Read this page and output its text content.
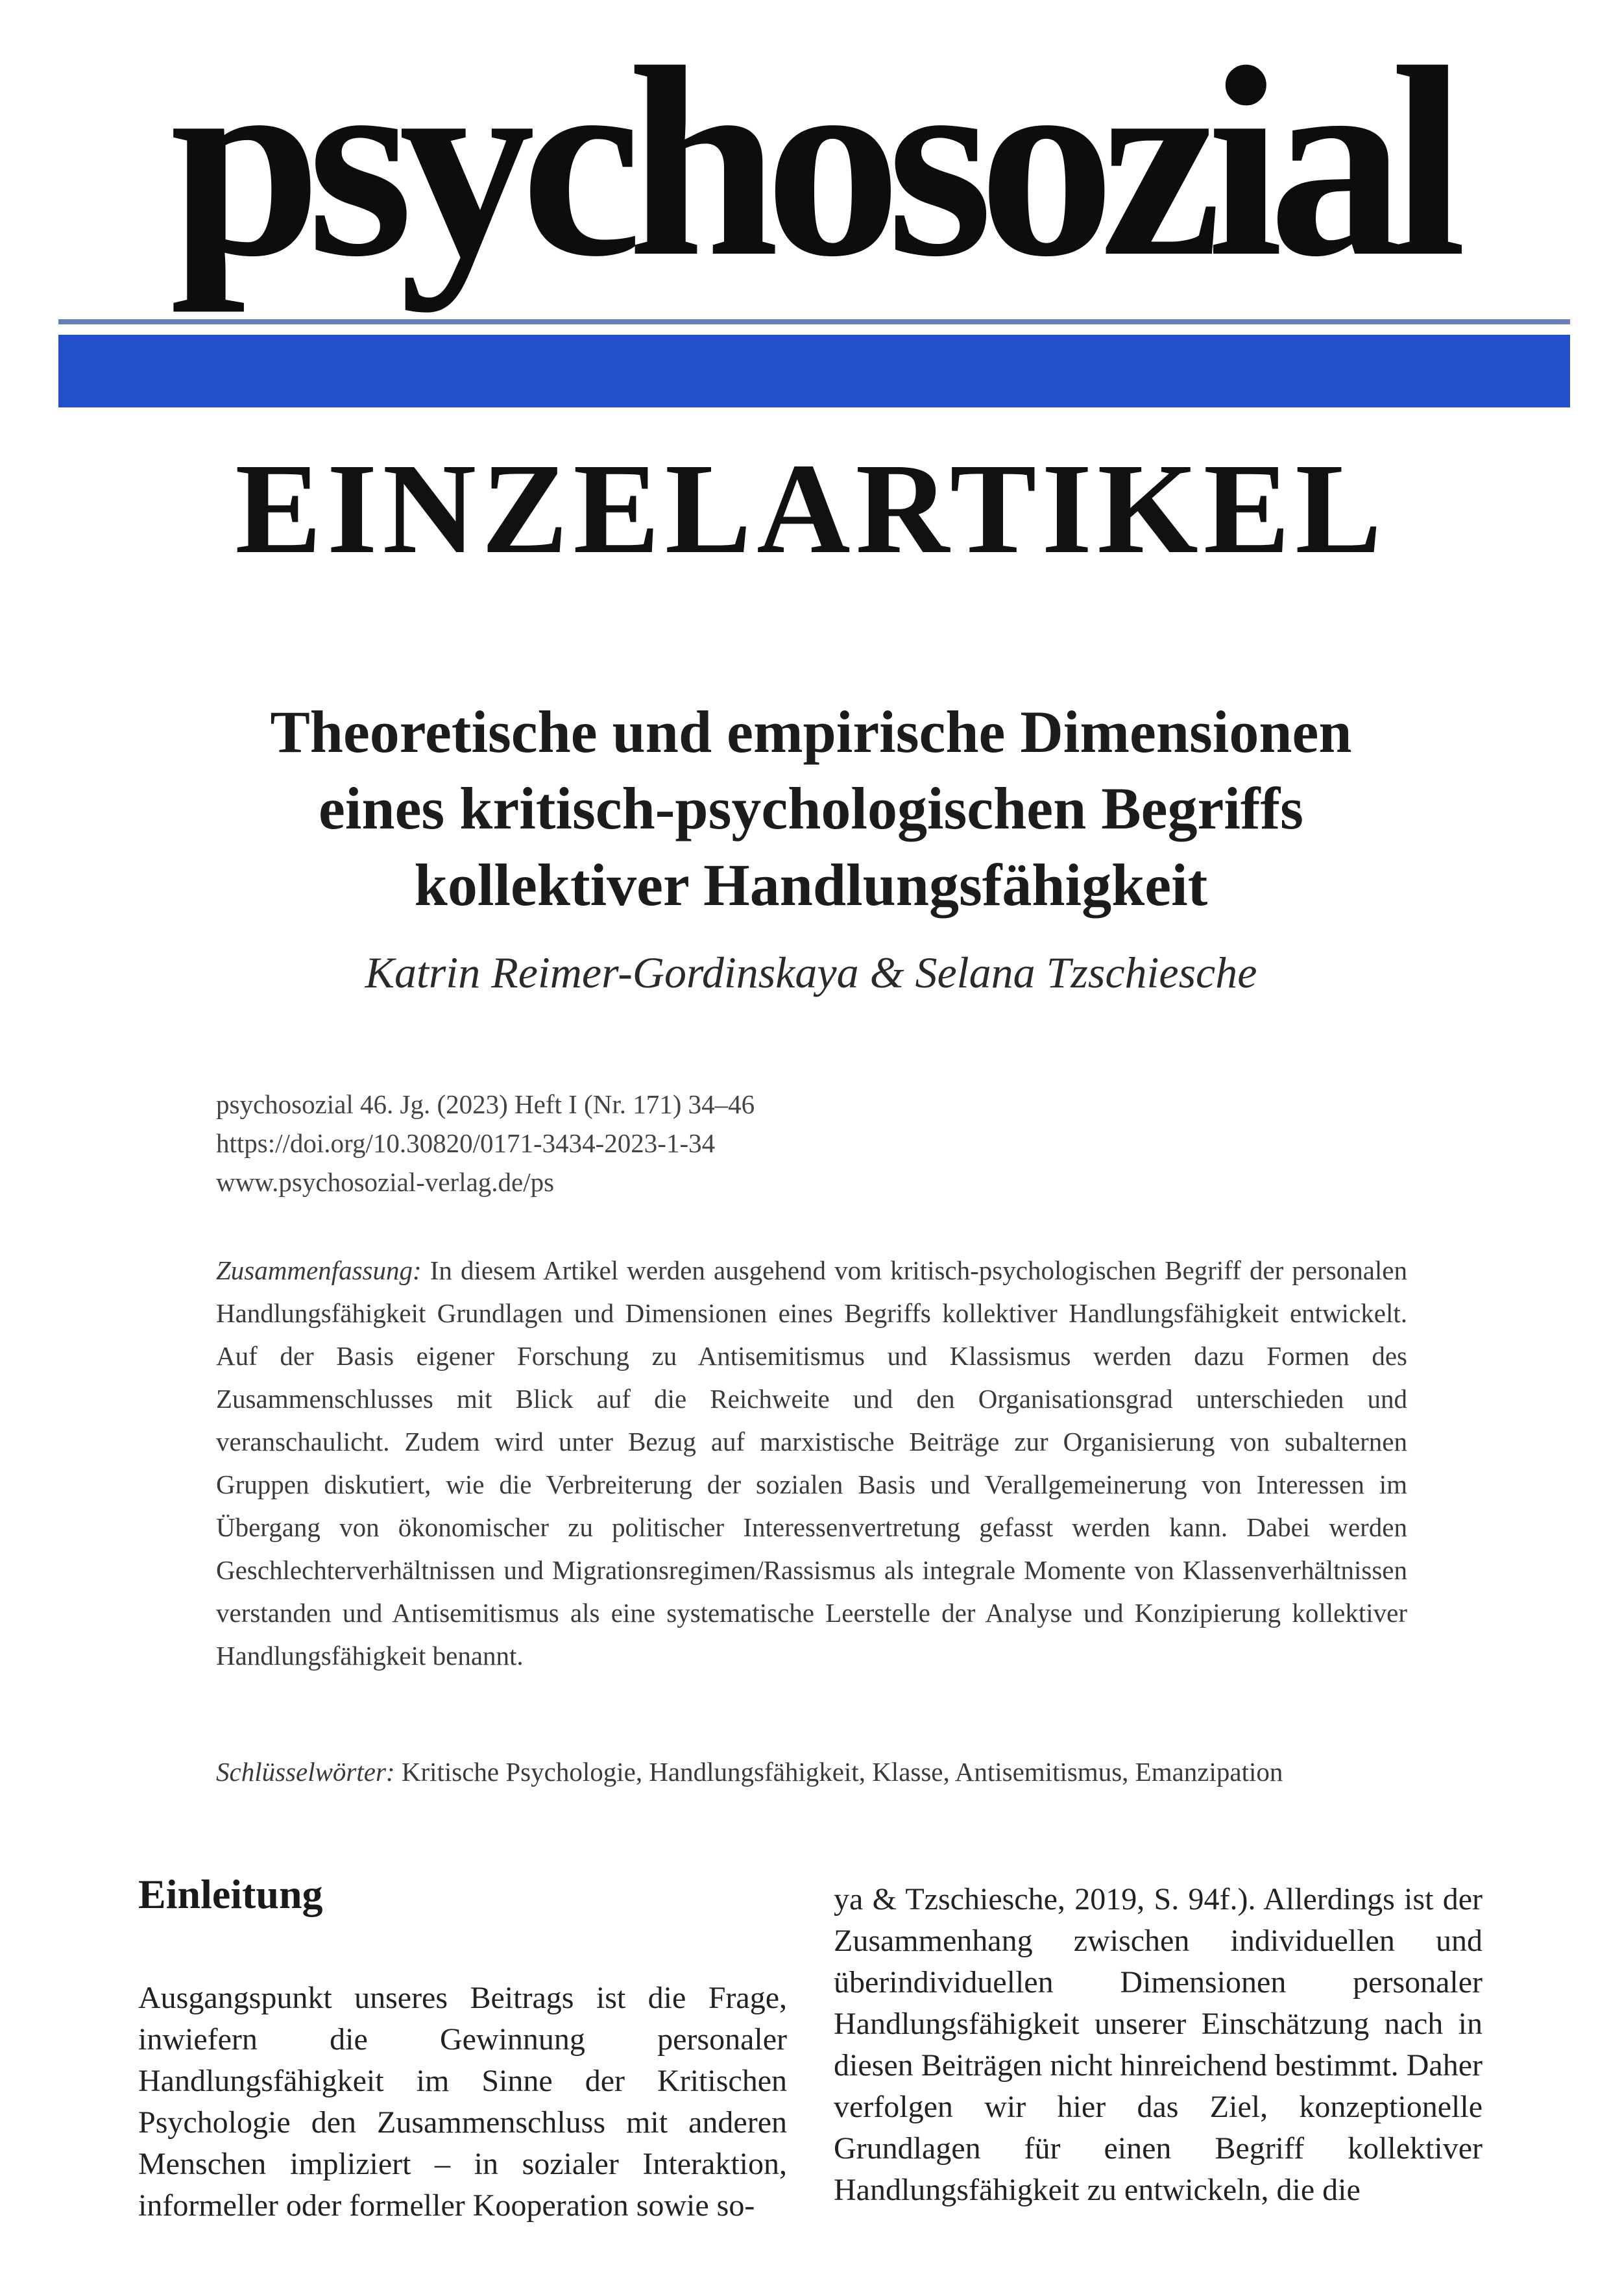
psychosozial
EINZELARTIKEL
Theoretische und empirische Dimensionen
eines kritisch-psychologischen Begriffs
kollektiver Handlungsfähigkeit
Katrin Reimer-Gordinskaya & Selana Tzschiesche
psychosozial 46. Jg. (2023) Heft I (Nr. 171) 34–46
https://doi.org/10.30820/0171-3434-2023-1-34
www.psychosozial-verlag.de/ps
Zusammenfassung: In diesem Artikel werden ausgehend vom kritisch-psychologischen Begriff der personalen Handlungsfähigkeit Grundlagen und Dimensionen eines Begriffs kollektiver Handlungsfähigkeit entwickelt. Auf der Basis eigener Forschung zu Antisemitismus und Klassismus werden dazu Formen des Zusammenschlusses mit Blick auf die Reichweite und den Organisationsgrad unterschieden und veranschaulicht. Zudem wird unter Bezug auf marxistische Beiträge zur Organisierung von subalternen Gruppen diskutiert, wie die Verbreiterung der sozialen Basis und Verallgemeinerung von Interessen im Übergang von ökonomischer zu politischer Interessenvertretung gefasst werden kann. Dabei werden Geschlechterverhältnissen und Migrationsregimen/Rassismus als integrale Momente von Klassenverhältnissen verstanden und Antisemitismus als eine systematische Leerstelle der Analyse und Konzipierung kollektiver Handlungsfähigkeit benannt.
Schlüsselwörter: Kritische Psychologie, Handlungsfähigkeit, Klasse, Antisemitismus, Emanzipation
Einleitung
Ausgangspunkt unseres Beitrags ist die Frage, inwiefern die Gewinnung personaler Handlungsfähigkeit im Sinne der Kritischen Psychologie den Zusammenschluss mit anderen Menschen impliziert – in sozialer Interaktion, informeller oder formeller Kooperation sowie so-
ya & Tzschiesche, 2019, S. 94f.). Allerdings ist der Zusammenhang zwischen individuellen und überindividuellen Dimensionen personaler Handlungsfähigkeit unserer Einschätzung nach in diesen Beiträgen nicht hinreichend bestimmt. Daher verfolgen wir hier das Ziel, konzeptionelle Grundlagen für einen Begriff kollektiver Handlungsfähigkeit zu entwickeln, die die
